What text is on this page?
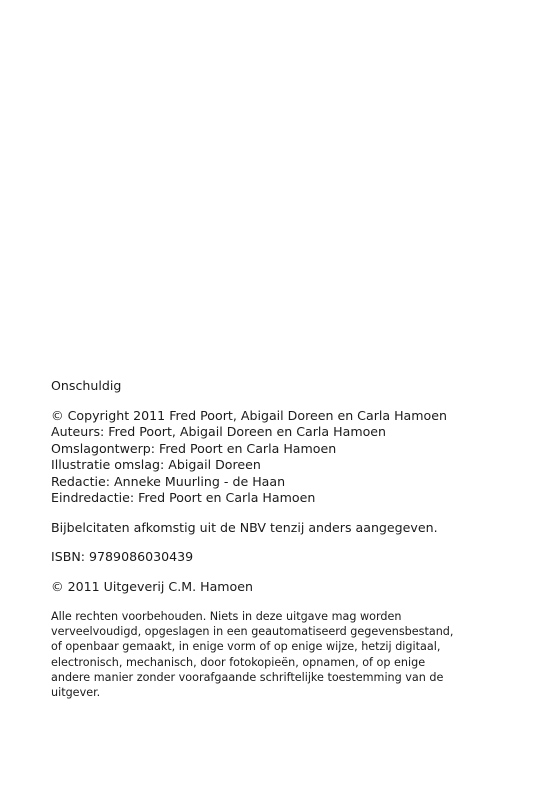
Onschuldig

© Copyright 2011 Fred Poort, Abigail Doreen en Carla Hamoen

Auteurs: Fred Poort, Abigail Doreen en Carla Hamoen

Omslagontwerp: Fred Poort en Carla Hamoen

Illustratie omslag: Abigail Doreen

Redactie: Anneke Muurling - de Haan

Eindredactie: Fred Poort en Carla Hamoen

Bijbelcitaten afkomstig uit de NBV tenzij anders aangegeven.

ISBN: 9789086030439

© 2011 Uitgeverij C.M. Hamoen

Alle rechten voorbehouden. Niets in deze uitgave mag worden

verveelvoudigd, opgeslagen in een geautomatiseerd gegevensbestand,

of openbaar gemaakt, in enige vorm of op enige wijze, hetzij digitaal,

electronisch, mechanisch, door fotokopieën, opnamen, of op enige

andere manier zonder voorafgaande schriftelijke toestemming van de

uitgever.
